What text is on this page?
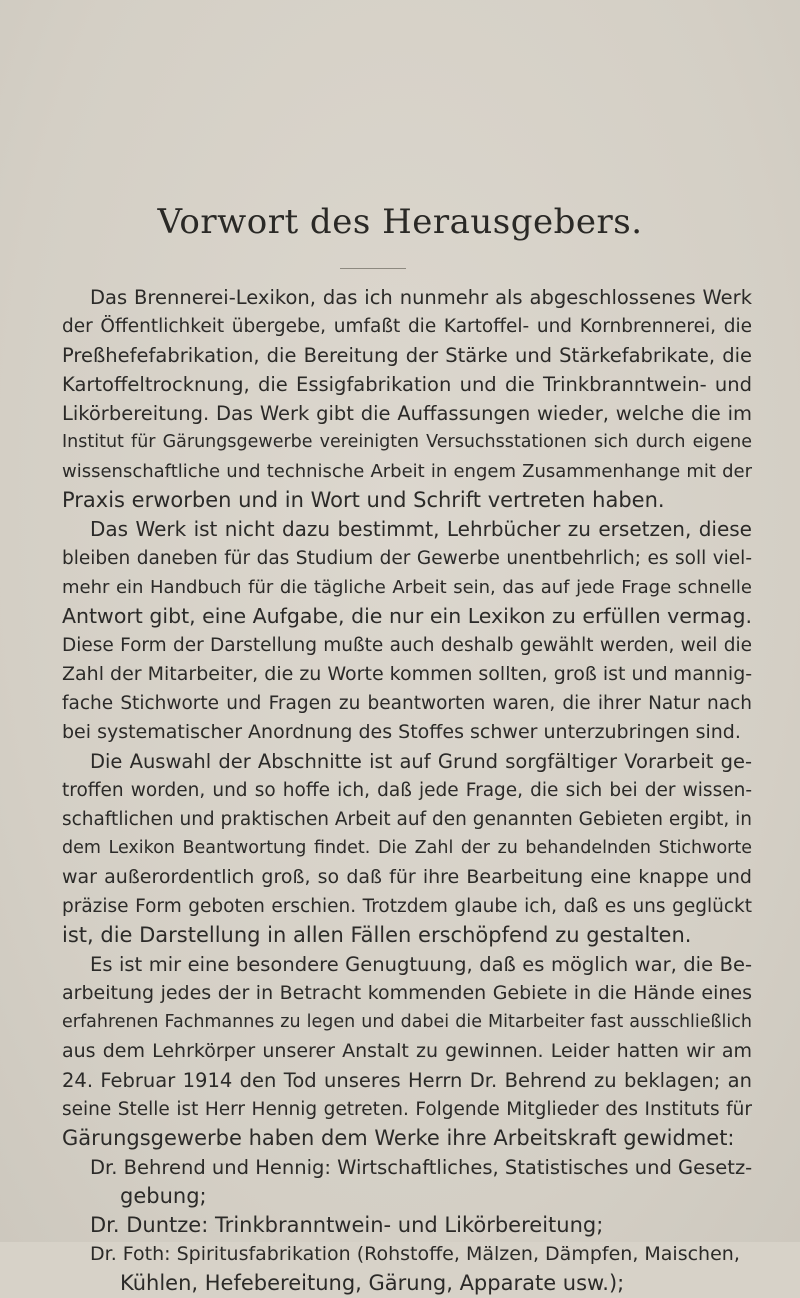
Vorwort des Herausgebers.
Das Brennerei-Lexikon, das ich nunmehr als abgeschlossenes Werk
der Öffentlichkeit übergebe, umfaßt die Kartoffel- und Kornbrennerei, die
Preßhefefabrikation, die Bereitung der Stärke und Stärkefabrikate, die
Kartoffeltrocknung, die Essigfabrikation und die Trinkbranntwein- und
Likörbereitung. Das Werk gibt die Auffassungen wieder, welche die im
Institut für Gärungsgewerbe vereinigten Versuchsstationen sich durch eigene
wissenschaftliche und technische Arbeit in engem Zusammenhange mit der
Praxis erworben und in Wort und Schrift vertreten haben.
Das Werk ist nicht dazu bestimmt, Lehrbücher zu ersetzen, diese
bleiben daneben für das Studium der Gewerbe unentbehrlich; es soll viel-
mehr ein Handbuch für die tägliche Arbeit sein, das auf jede Frage schnelle
Antwort gibt, eine Aufgabe, die nur ein Lexikon zu erfüllen vermag.
Diese Form der Darstellung mußte auch deshalb gewählt werden, weil die
Zahl der Mitarbeiter, die zu Worte kommen sollten, groß ist und mannig-
fache Stichworte und Fragen zu beantworten waren, die ihrer Natur nach
bei systematischer Anordnung des Stoffes schwer unterzubringen sind.
Die Auswahl der Abschnitte ist auf Grund sorgfältiger Vorarbeit ge-
troffen worden, und so hoffe ich, daß jede Frage, die sich bei der wissen-
schaftlichen und praktischen Arbeit auf den genannten Gebieten ergibt, in
dem Lexikon Beantwortung findet. Die Zahl der zu behandelnden Stichworte
war außerordentlich groß, so daß für ihre Bearbeitung eine knappe und
präzise Form geboten erschien. Trotzdem glaube ich, daß es uns geglückt
ist, die Darstellung in allen Fällen erschöpfend zu gestalten.
Es ist mir eine besondere Genugtuung, daß es möglich war, die Be-
arbeitung jedes der in Betracht kommenden Gebiete in die Hände eines
erfahrenen Fachmannes zu legen und dabei die Mitarbeiter fast ausschließlich
aus dem Lehrkörper unserer Anstalt zu gewinnen. Leider hatten wir am
24. Februar 1914 den Tod unseres Herrn Dr. Behrend zu beklagen; an
seine Stelle ist Herr Hennig getreten. Folgende Mitglieder des Instituts für
Gärungsgewerbe haben dem Werke ihre Arbeitskraft gewidmet:
Dr. Behrend und Hennig: Wirtschaftliches, Statistisches und Gesetz-
gebung;
Dr. Duntze: Trinkbranntwein- und Likörbereitung;
Dr. Foth: Spiritusfabrikation (Rohstoffe, Mälzen, Dämpfen, Maischen,
Kühlen, Hefebereitung, Gärung, Apparate usw.);
